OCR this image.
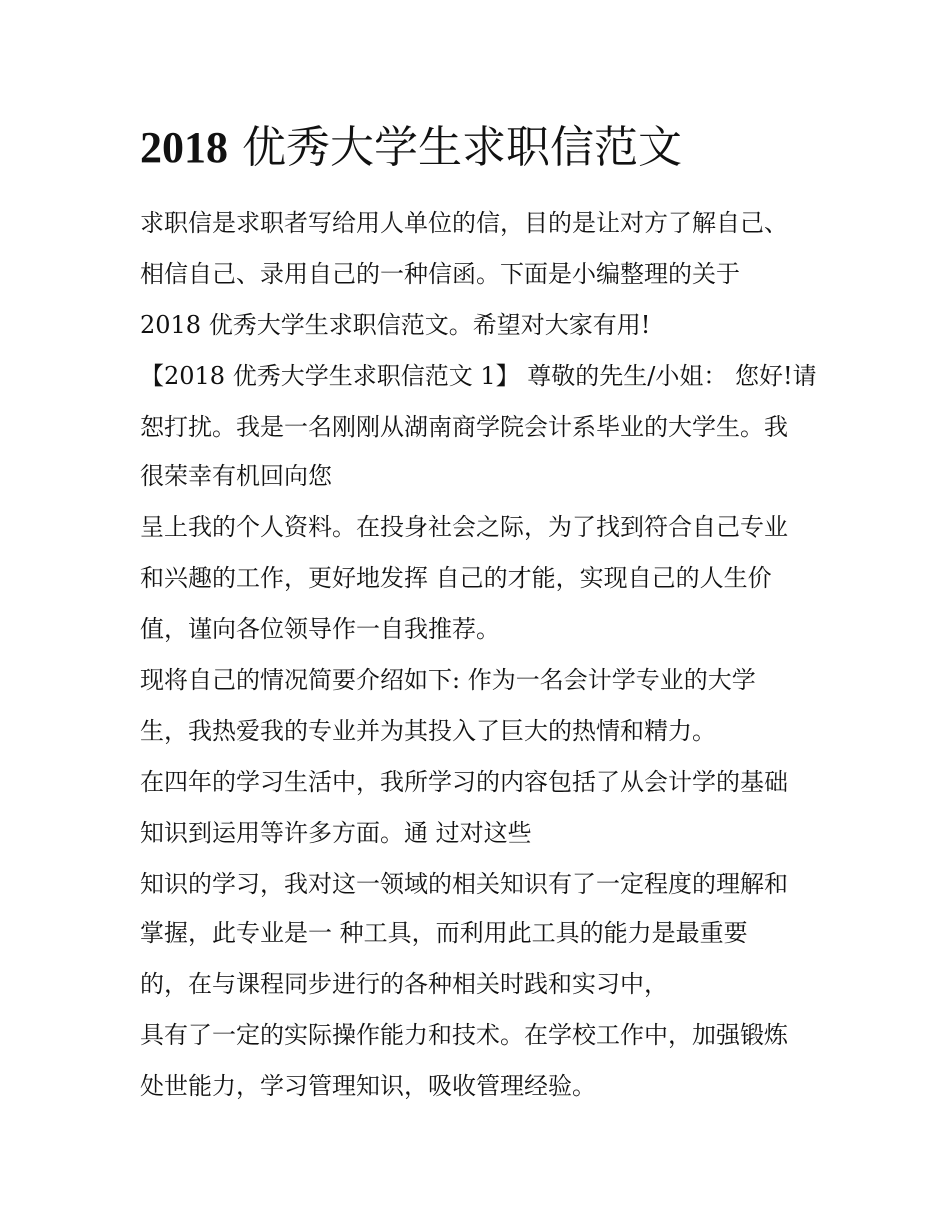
2018 优秀大学生求职信范文

求职信是求职者写给用人单位的信，目的是让对方了解自己、

相信自己、录用自己的一种信函。下面是小编整理的关于

2018 优秀大学生求职信范文。希望对大家有用!

【2018 优秀大学生求职信范文 1】 尊敬的先生/小姐： 您好!请

恕打扰。我是一名刚刚从湖南商学院会计系毕业的大学生。我

很荣幸有机回向您

呈上我的个人资料。在投身社会之际，为了找到符合自己专业

和兴趣的工作，更好地发挥 自己的才能，实现自己的人生价

值，谨向各位领导作一自我推荐。

现将自己的情况简要介绍如下: 作为一名会计学专业的大学

生，我热爱我的专业并为其投入了巨大的热情和精力。

在四年的学习生活中，我所学习的内容包括了从会计学的基础

知识到运用等许多方面。通 过对这些

知识的学习，我对这一领域的相关知识有了一定程度的理解和

掌握，此专业是一 种工具，而利用此工具的能力是最重要

的，在与课程同步进行的各种相关时践和实习中，

具有了一定的实际操作能力和技术。在学校工作中，加强锻炼

处世能力，学习管理知识，吸收管理经验。
